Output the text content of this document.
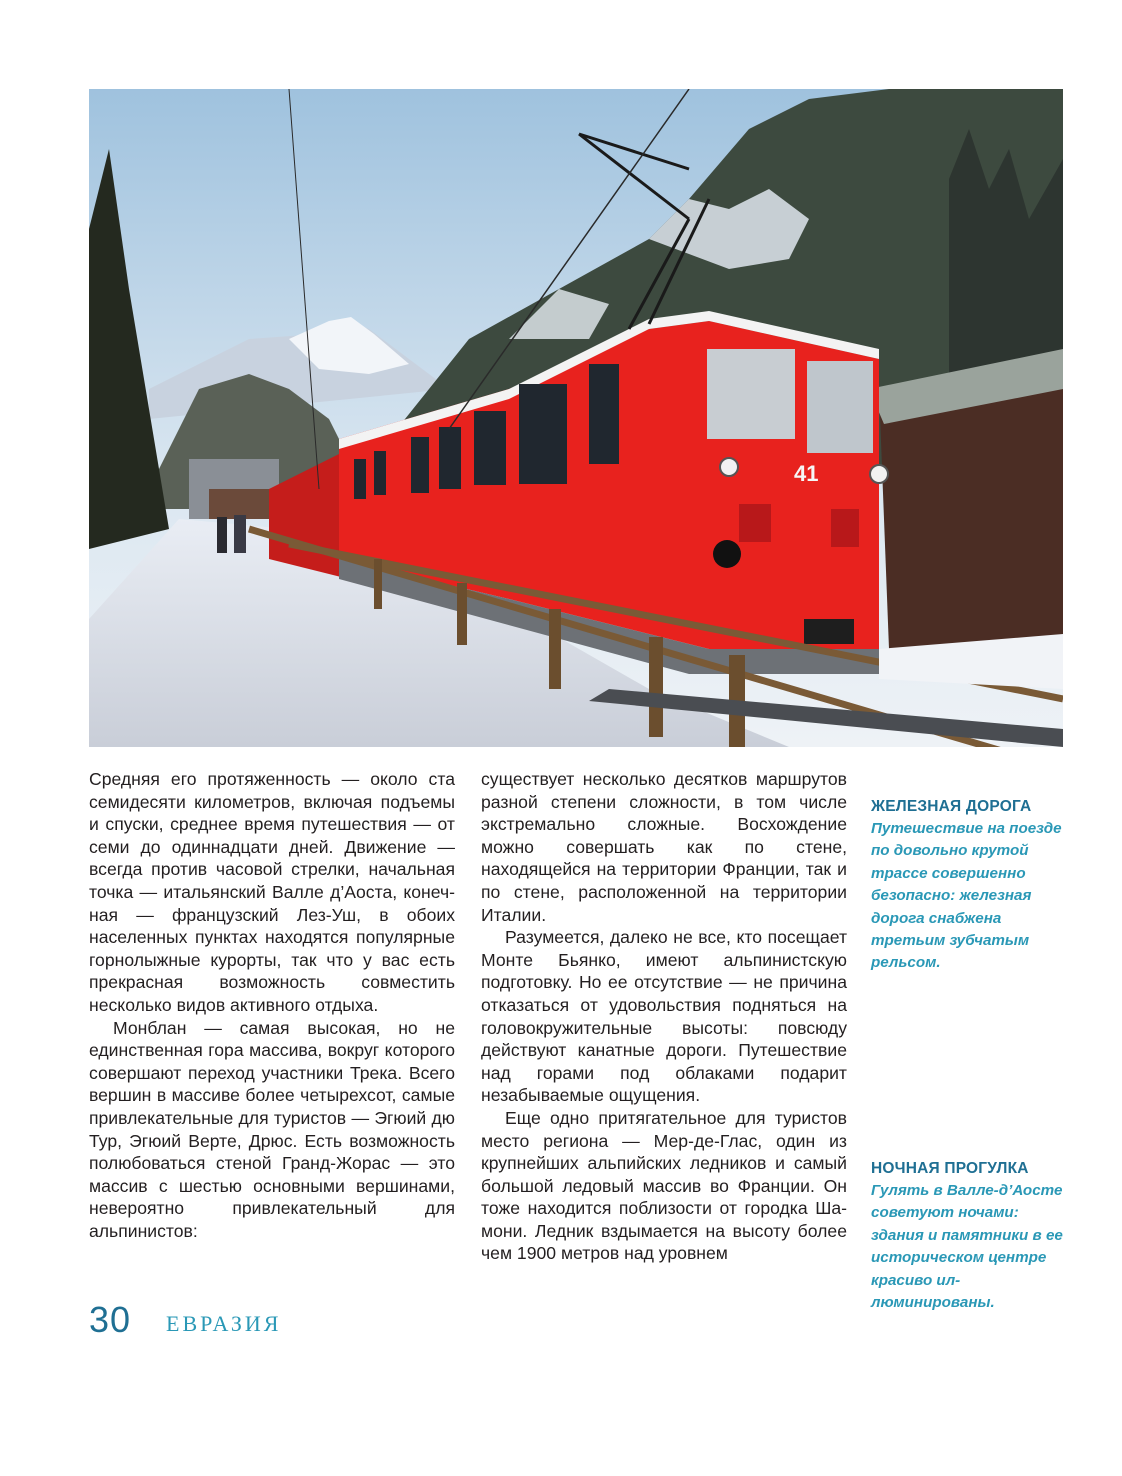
41

Средняя его протяженность — около ста семидесяти километров, включая подъемы и спуски, среднее время путешествия — от семи до одиннадцати дней. Движение — всегда против часовой стрелки, начальная точка — итальянский Валле д’Аоста, конечная — французский Лез-Уш, в обоих населенных пунктах находятся популярные горнолыжные курорты, так что у вас есть прекрасная возможность совместить несколько видов активного отдыха.

Монблан — самая высокая, но не единственная гора массива, вокруг которого совершают переход участники Трека. Всего вершин в массиве более четырехсот, самые привлекательные для туристов — Эгюий дю Тур, Эгюий Верте, Дрюс. Есть возможность полюбоваться стеной Гранд-Жорас — это массив с шестью основными вершинами, невероятно привлекательный для альпинистов:

существует несколько десятков маршрутов разной степени сложности, в том числе экстремально сложные. Восхождение можно совершать как по стене, находящейся на территории Франции, так и по стене, расположенной на территории Италии.

Разумеется, далеко не все, кто посещает Монте Бьянко, имеют альпинистскую подготовку. Но ее отсутствие — не причина отказаться от удовольствия подняться на головокружительные высоты: повсюду действуют канатные дороги. Путешествие над горами под облаками подарит незабываемые ощущения.

Еще одно притягательное для туристов место региона — Мер-де-Глас, один из крупнейших альпийских ледников и самый большой ледовый массив во Франции. Он тоже находится поблизости от городка Шамони. Ледник вздымается на высоту более чем 1900 метров над уровнем

ЖЕЛЕЗНАЯ ДОРОГА

Путешествие на поезде по довольно крутой трассе совершенно безопасно: железная дорога снабжена третьим зубчатым рельсом.

НОЧНАЯ ПРОГУЛКА

Гулять в Валле-д’Аосте советуют ночами: здания и памятники в ее историческом центре красиво иллюминированы.

30 ЕВРАЗИЯ
